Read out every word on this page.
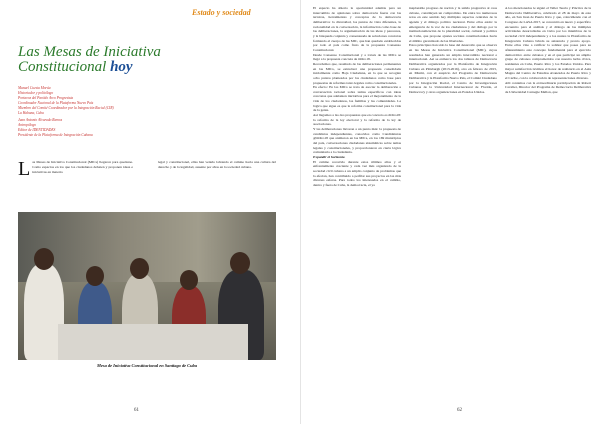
Estado y sociedad
Las Mesas de Iniciativa Constitucional hoy
Manuel Cuesta Morúa
Historiador y politólogo
Portavoz del Partido Arco Progresista
Coordinador Nacional de la Plataforma Nuevo País
Miembro del Comité Coordinador por la Integración Racial (CIR)
La Habana, Cuba
Juan Antonio Alvarado Ramos
Antropólogo
Editor de IDENTIDADES
Presidente de la Plataforma de Integración Cubana
L as Mesas de Iniciativa Constitucional (MICs) llegaron para quedarse. Como espacios en los que los ciudadanos debaten y proponen ideas e iniciativas en materia
legal y constitucional, ellas han venido labrando el camino hacia una cultura del derecho y de la legalidad, ausente por años en la sociedad cubana.
Mesa de Iniciativa Constitucional en Santiago de Cuba
61

El espacio ha abierto la oportunidad además para un intercambio de opiniones sobre democracia fuerte con las técnicas, herramientas y conceptos de la democracia deliberativa: la diversidad, los puntos de vista diferentes, la racionalidad en la conversación, la información como base de las deliberaciones, la argumentación de las ideas y pareceres, y la búsqueda conjunta y consensuada de soluciones concretas formando el cuerpo de las MIC, que han quedado establecidas por todo el país como fruto de la propuesta Consenso Constitucional.

Desde Consenso Constitucional y a través de las MICs se llegó a la propuesta concreta de #Otro18.

Recordemos que, resultado de las deliberaciones permanentes en las MICs, se estructuró una propuesta consolidada inicialmente como Hoja Ciudadana, en la que se recogían ocho puntos planteados por los ciudadanos como base para propuestas de reformas tanto legales como constitucionales.

En efecto: En las MICs se trata de asociar la deliberación a conversación racional sobre temas específicos con ideas concretas que adelanten iniciativas para el mejoramiento de la vida de los ciudadanos, las familias y las comunidades. La lógica que sigue es que la reforma constitucional para la vida de la gente.

Así llegamos a las dos propuestas que en concreto es #Otro18: la reforma de la ley electoral y la reforma de la ley de asociaciones.

Y las deliberaciones llevaron a un punto más: la propuesta de candidatos independientes, conocidos como Candidaturas @#Otro18 que animaron en las MICs, en los 169 municipios del país, conversaciones ciudadanas sistemáticas sobre temas legales y constitucionales, y proporcionaron en cierta lógica comunitaria a la ciudadanía.

Expandir el horizonte.

El camino recorrido durante estos últimos años y el enfrentamiento creciente y cada vez más organizado de la sociedad civil cubana a un amplio conjunto de problemas que la afectan, han contribuido a perfilar sus proyectos en las más diversas esferas. Para todos los interesados en el cambio, dentro y fuera de Cuba, la democracia, el ya

inaplazable progreso de nación y la salida progresiva al caos cubano, constituyen un compromiso. De entre los numerosos retos en este sentido hay múltiples aspectos centrales de la agenda y el diálogo político nacional. Entre ellos están: la emergencia de la voz de los ciudadanos y del diálogo por la institucionalización de la pluralidad social, cultural y política de Cuba, que propone ajustes sociales constitucionales hacia el ámbito garantizado de las libertades.

Estos principios han sido la base del desarrollo que se observa en las Mesas de Iniciativa Constitucional (MIC), cuyos resultados han generado un amplio intercambio nacional e internacional. Así se enmarca los dos talleres de Democracia Deliberativa organizados por la Plataforma de Integración Cubana en Pittsburgh (2013-2016), otro en febrero de 2015, en Miami, con el auspicio del Programa de Democracia Deliberativa y la Plataforma Nuevo País, el Comité Ciudadano por la Integración Racial, el Centro de Investigaciones Cubanas de la Universidad Internacional de Florida, el Democracy y otras organizaciones en Estados Unidos.

A los mencionados le siguió el Taller Teoría y Práctica de la Democracia Deliberativa, celebrado el 28 de mayo de este año, en San Juan de Puerto Rico y que, coincidiendo con el Congreso de LASA 2017, se concentró en nuevo y específico encuentro para el análisis y el diálogo de las múltiples actividades desarrolladas en Cuba por los miembros de la sociedad civil independiente y a los nuales la Plataforma de Integración Cubana brinda su asistencia y pronto apoyo. Entre ellos vino a ratificar la solidez que posee para su afianzamiento este concepto fundamental para el ejercicio democrático entre cubanos y en el que participó un amplio grupo de cubanos comprometidos con nuestra lucha cívica, residentes en Cuba, Puerto Rico y los Estados Unidos. Para mayor satisfacción tuvimos el honor de realizarlo en el Aula Magna del Centro de Estudios Avanzados de Puerto Rico y el Caribe, con la colaboración de representaciones diversas.

Allí contamos con la extraordinaria participación de Robert Cavalier, Director del Programa de Democracia Deliberativa de Universidad Carnegie Mellon, que

62
